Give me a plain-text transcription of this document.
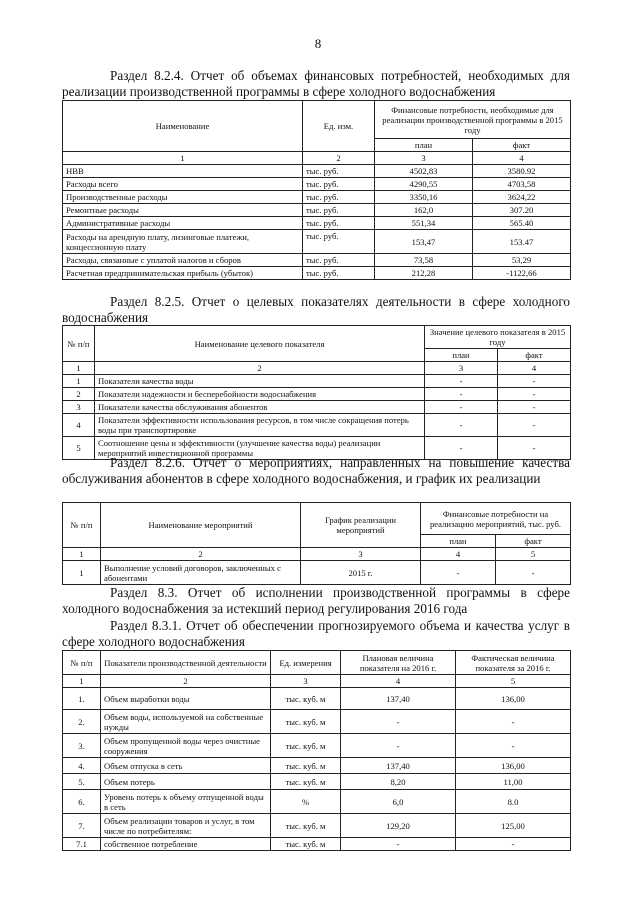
8
Раздел 8.2.4. Отчет об объемах финансовых потребностей, необходимых для реализации производственной программы в сфере холодного водоснабжения
Наименование	Ед. изм.	Финансовые потребности, необходимые для реализации производственной программы в 2015 году	
		план	факт
1	2	3	4
НВВ	тыс. руб.	4502,83	3580.92
Расходы всего	тыс. руб.	4290,55	4703,58
Производственные расходы	тыс. руб.	3350,16	3624,22
Ремонтные расходы	тыс. руб.	162,0	307.20
Административные расходы	тыс. руб.	551,34	565.40
Расходы на арендную плату, лизинговые платежи, концессионную плату	тыс. руб.	153,47	153.47
Расходы, связанные с уплатой налогов и сборов	тыс. руб.	73,58	53,29
Расчетная предпринимательская прибыль (убыток)	тыс. руб.	212,28	-1122,66
Раздел 8.2.5. Отчет о целевых показателях деятельности в сфере холодного водоснабжения
№ п/п	Наименование целевого показателя	Значение целевого показателя в 2015 году	
		план	факт
1	2	3	4
1	Показатели качества воды	-	-
2	Показатели надежности и бесперебойности водоснабжения	-	-
3	Показатели качества обслуживания абонентов	-	-
4	Показатели эффективности использования ресурсов, в том числе сокращения потерь воды при транспортировке	-	-
5	Соотношение цены и эффективности (улучшение качества воды) реализации мероприятий инвестиционной программы	-	-
Раздел 8.2.6. Отчет о мероприятиях, направленных на повышение качества обслуживания абонентов в сфере холодного водоснабжения, и график их реализации
№ п/п	Наименование мероприятий	График реализации мероприятий	Финансовые потребности на реализацию мероприятий, тыс. руб.	
			план	факт
1	2	3	4	5
1	Выполнение условий договоров, заключенных с абонентами	2015 г.	-	-
Раздел 8.3. Отчет об исполнении производственной программы в сфере холодного водоснабжения за истекший период регулирования 2016 года
Раздел 8.3.1. Отчет об обеспечении прогнозируемого объема и качества услуг в сфере холодного водоснабжения
№ п/п	Показатели производственной деятельности	Ед. измерения	Плановая величина показателя на 2016 г.	Фактическая величина показателя за 2016 г.
1	2	3	4	5
1.	Объем выработки воды	тыс. куб. м	137,40	136,00
2.	Объем воды, используемой на собственные нужды	тыс. куб. м	-	-
3.	Объем пропущенной воды через очистные сооружения	тыс. куб. м	-	-
4.	Объем отпуска в сеть	тыс. куб. м	137,40	136,00
5.	Объем потерь	тыс. куб. м	8,20	11,00
6.	Уровень потерь к объему отпущенной воды в сеть	%	6,0	8.0
7.	Объем реализации товаров и услуг, в том числе по потребителям:	тыс. куб. м	129,20	125,00
7.1	собственное потребление	тыс. куб. м	-	-
